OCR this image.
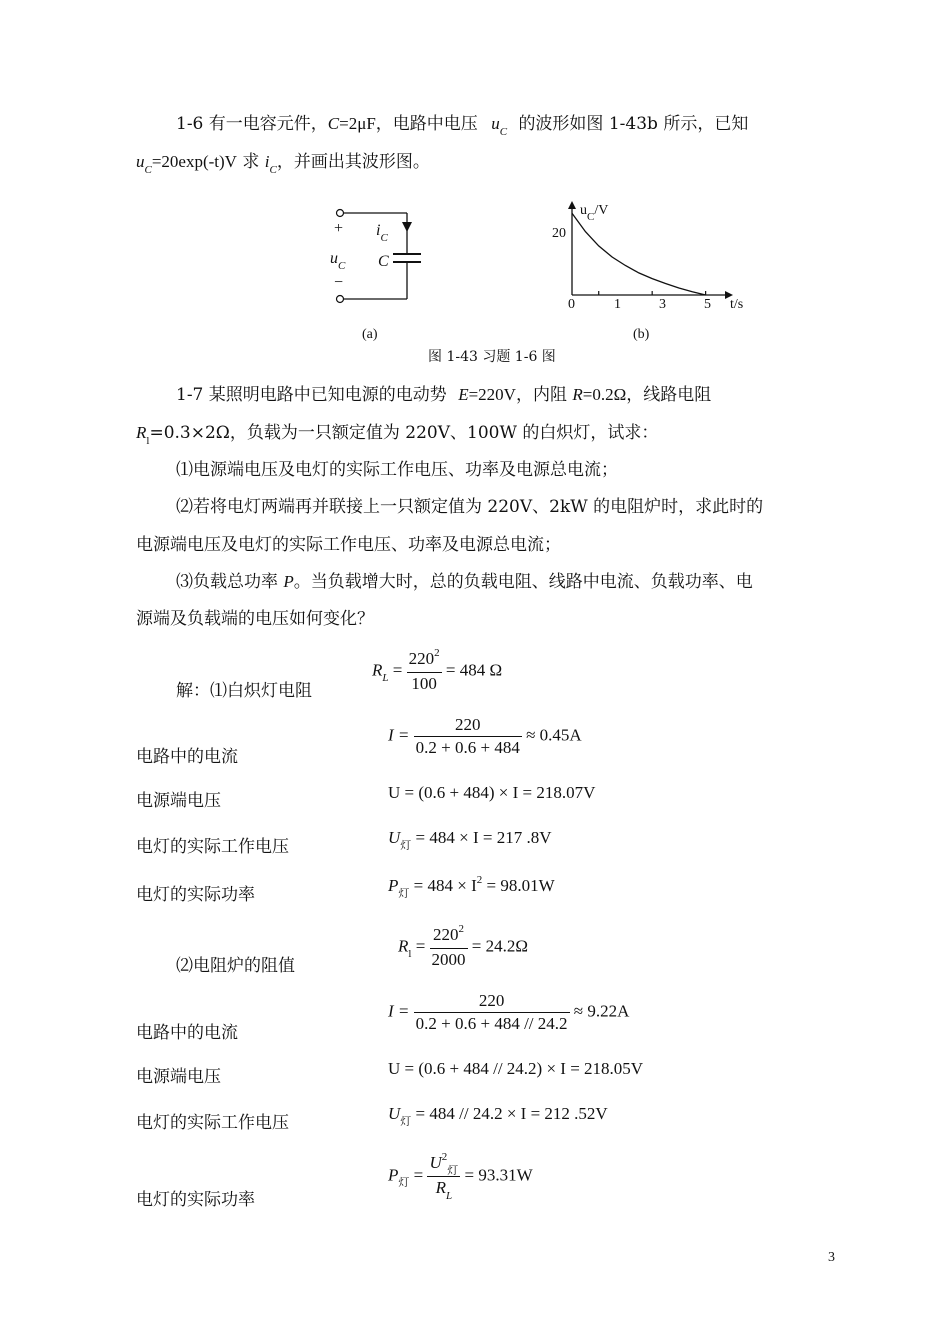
1-6 有一电容元件，C=2μF，电路中电压 $u_C$ 的波形如图 1-43b 所示，已知
$u_C=20\exp(-t)V$ 求 $i_C$，并画出其波形图。
+
−
$i_C$
C
$u_C$
(a)
$u_C/V$
20
0	1	3	5 t/s
(b)
图 1-43 习题 1-6 图
1-7 某照明电路中已知电源的电动势 E=220V，内阻 R=0.2Ω，线路电阻
$R_l=0.3\times 2\Omega$，负载为一只额定值为 220V、100W 的白炽灯，试求：
⑴电源端电压及电灯的实际工作电压、功率及电源总电流；
⑵若将电灯两端再并联接上一只额定值为 220V、2kW 的电阻炉时，求此时的
电源端电压及电灯的实际工作电压、功率及电源总电流；
⑶负载总功率 P。当负载增大时，总的负载电阻、线路中电流、负载功率、电
源端及负载端的电压如何变化？
解：⑴白炽灯电阻
$R_L = \frac{220^2}{100} = 484$ Ω
电路中的电流
$I = \frac{220}{0.2 + 0.6 + 484} \approx 0.45A$
电源端电压	U = (0.6 + 484) × I = 218.07V
电灯的实际工作电压	$U_灯 = 484 \times I = 217$ .8V
电灯的实际功率	$P_灯 = 484 \times I^2 = 98.01W$
⑵电阻炉的阻值
$R_l = \frac{220^2}{2000} = 24.2\Omega$
电路中的电流
$I = \frac{220}{0.2 + 0.6 + 484 // 24.2} \approx 9.22A$
电源端电压	U = (0.6 + 484 // 24.2) × I = 218.05V
电灯的实际工作电压	$U_灯 = 484 // 24.2 \times I = 212$ .52V
电灯的实际功率
$P_灯 = \frac{U^2_灯}{R_L} = 93.31W$
3
